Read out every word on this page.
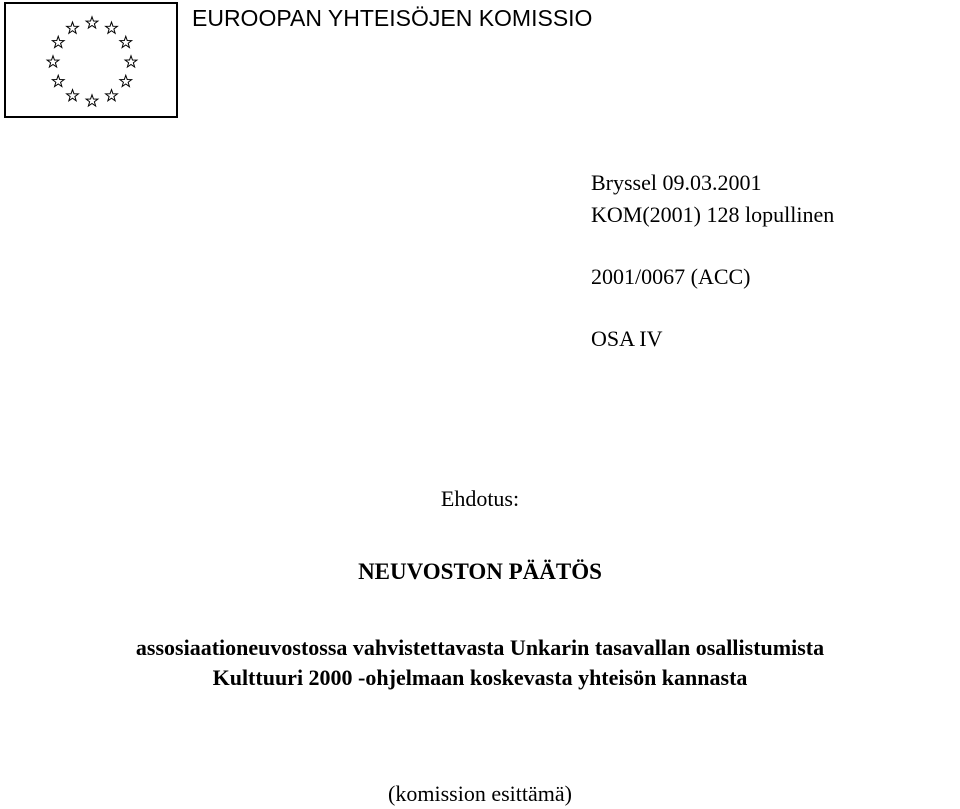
EUROOPAN YHTEISÖJEN KOMISSIO
Bryssel 09.03.2001
KOM(2001) 128 lopullinen
2001/0067 (ACC)
OSA IV
Ehdotus:
NEUVOSTON PÄÄTÖS
assosiaationeuvostossa vahvistettavasta Unkarin tasavallan osallistumista
Kulttuuri 2000 -ohjelmaan koskevasta yhteisön kannasta
(komission esittämä)
